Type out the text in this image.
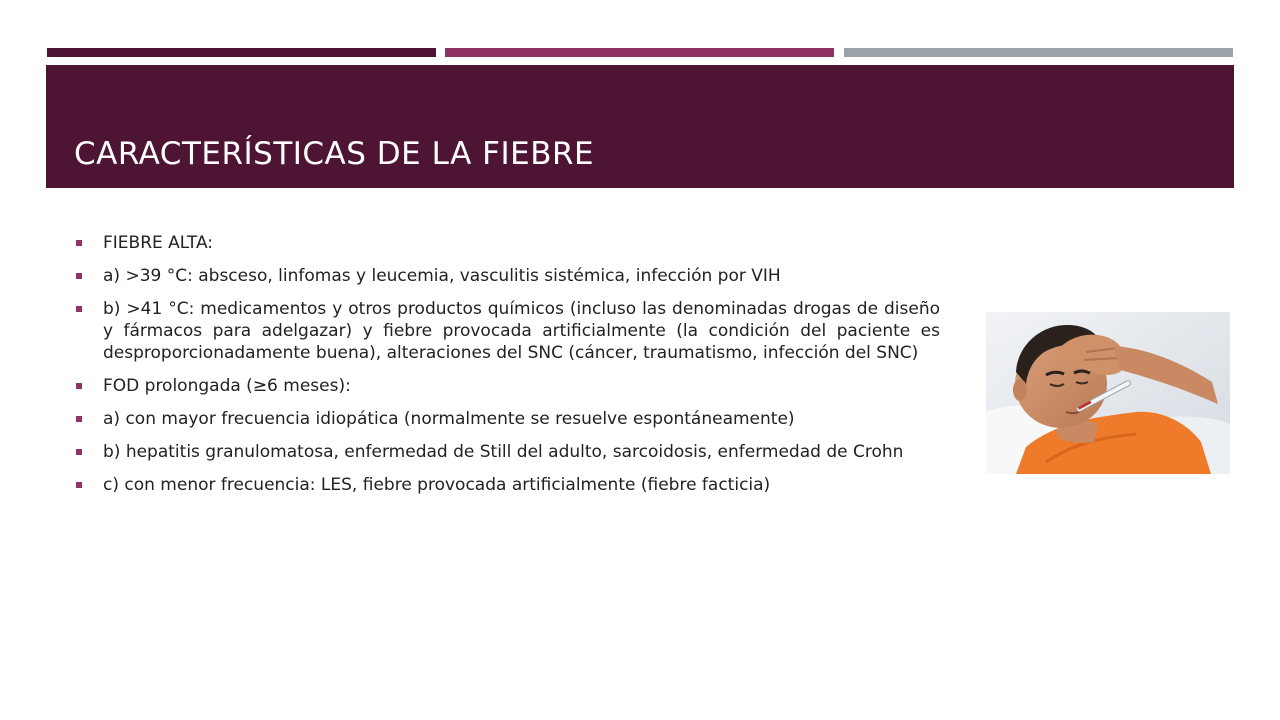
CARACTERÍSTICAS DE LA FIEBRE
FIEBRE ALTA:
a) >39 °C: absceso, linfomas y leucemia, vasculitis sistémica, infección por VIH
b) >41 °C: medicamentos y otros productos químicos (incluso las denominadas drogas de diseño y fármacos para adelgazar) y fiebre provocada artificialmente (la condición del paciente es desproporcionadamente buena), alteraciones del SNC (cáncer, traumatismo, infección del SNC)
FOD prolongada (≥6 meses):
a) con mayor frecuencia idiopática (normalmente se resuelve espontáneamente)
b) hepatitis granulomatosa, enfermedad de Still del adulto, sarcoidosis, enfermedad de Crohn
c) con menor frecuencia: LES, fiebre provocada artificialmente (fiebre facticia)
